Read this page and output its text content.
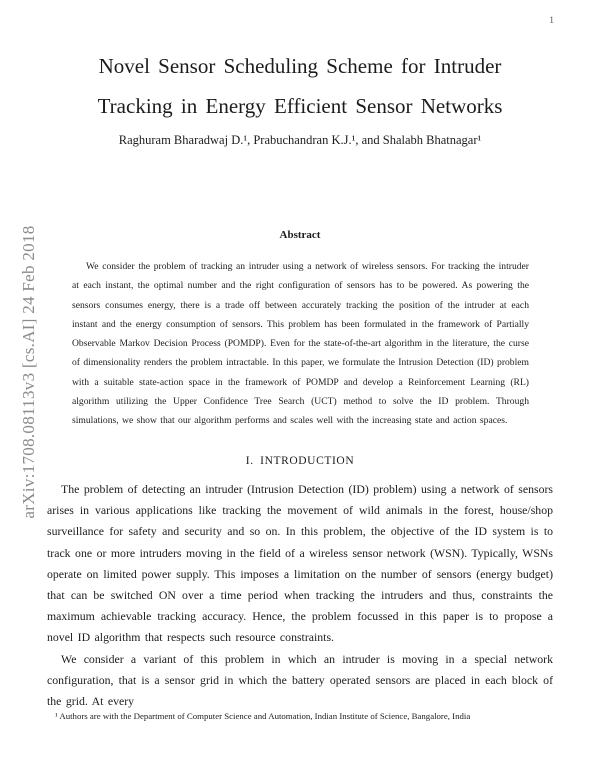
1
arXiv:1708.08113v3 [cs.AI] 24 Feb 2018
Novel Sensor Scheduling Scheme for Intruder
Tracking in Energy Efficient Sensor Networks
Raghuram Bharadwaj D.¹, Prabuchandran K.J.¹, and Shalabh Bhatnagar¹
Abstract
We consider the problem of tracking an intruder using a network of wireless sensors. For tracking the intruder at each instant, the optimal number and the right configuration of sensors has to be powered. As powering the sensors consumes energy, there is a trade off between accurately tracking the position of the intruder at each instant and the energy consumption of sensors. This problem has been formulated in the framework of Partially Observable Markov Decision Process (POMDP). Even for the state-of-the-art algorithm in the literature, the curse of dimensionality renders the problem intractable. In this paper, we formulate the Intrusion Detection (ID) problem with a suitable state-action space in the framework of POMDP and develop a Reinforcement Learning (RL) algorithm utilizing the Upper Confidence Tree Search (UCT) method to solve the ID problem. Through simulations, we show that our algorithm performs and scales well with the increasing state and action spaces.
I. INTRODUCTION

The problem of detecting an intruder (Intrusion Detection (ID) problem) using a network of sensors arises in various applications like tracking the movement of wild animals in the forest, house/shop surveillance for safety and security and so on. In this problem, the objective of the ID system is to track one or more intruders moving in the field of a wireless sensor network (WSN). Typically, WSNs operate on limited power supply. This imposes a limitation on the number of sensors (energy budget) that can be switched ON over a time period when tracking the intruders and thus, constraints the maximum achievable tracking accuracy. Hence, the problem focussed in this paper is to propose a novel ID algorithm that respects such resource constraints.

We consider a variant of this problem in which an intruder is moving in a special network configuration, that is a sensor grid in which the battery operated sensors are placed in each block of the grid. At every

¹ Authors are with the Department of Computer Science and Automation, Indian Institute of Science, Bangalore, India
